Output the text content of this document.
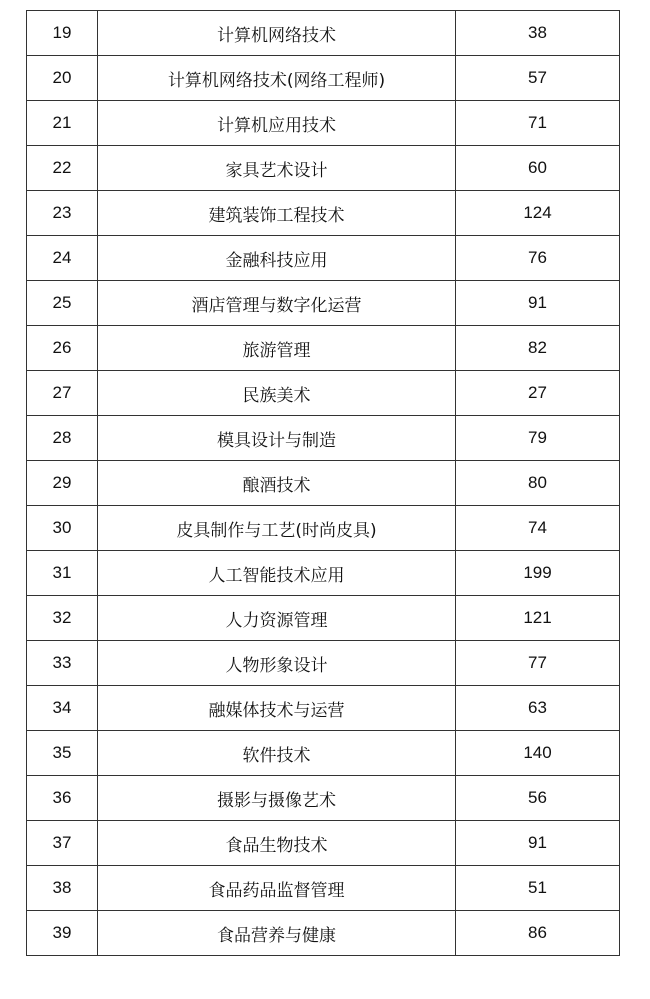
19	计算机网络技术	38
20	计算机网络技术(网络工程师)	57
21	计算机应用技术	71
22	家具艺术设计	60
23	建筑装饰工程技术	124
24	金融科技应用	76
25	酒店管理与数字化运营	91
26	旅游管理	82
27	民族美术	27
28	模具设计与制造	79
29	酿酒技术	80
30	皮具制作与工艺(时尚皮具)	74
31	人工智能技术应用	199
32	人力资源管理	121
33	人物形象设计	77
34	融媒体技术与运营	63
35	软件技术	140
36	摄影与摄像艺术	56
37	食品生物技术	91
38	食品药品监督管理	51
39	食品营养与健康	86
